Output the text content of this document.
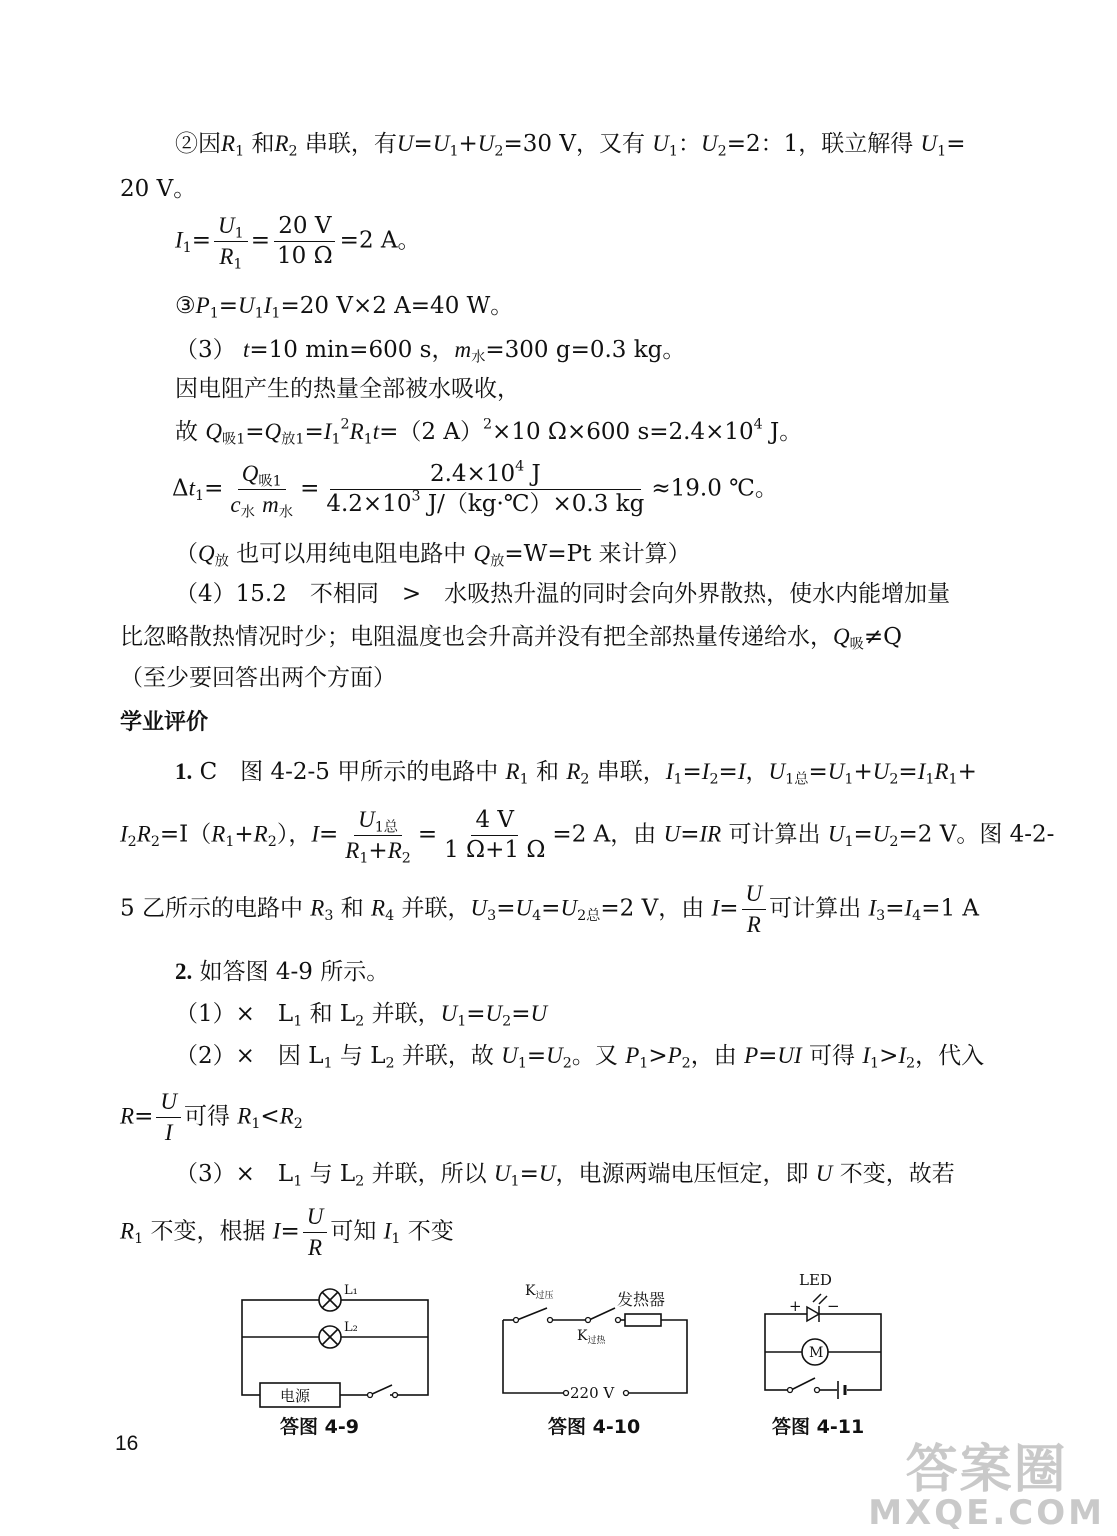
②因$R_1$ 和$R_2$ 串联，有$U=U_1+U_2=30$ V，又有 $U_1$：$U_2=2$：1，联立解得 $U_1=$
20 V。
$I_1= \frac{U_1}{R_1} = \frac{20 V}{10 \Omega} =2$ A。
$③P_1=U_1I_1=20$ V×2 A=40 W。
（3） t=10 min=600 s，$m_水=300$ g=0.3 kg。
因电阻产生的热量全部被水吸收，
故 $Q_{吸1}=Q_{放1}=I_1^2R_1t=(2$ A）$^2$×10 Ω×600 $s=2.4\times 10^4$ J。
$\Delta t_1= \frac{Q_{吸1}}{c_水 m_水} = \frac{2.4\times 10^4 J}{4.2\times 10^3 J/(kg\cdot℃)\times 0.3 kg} \approx 19.0$ ℃。
（$Q_放$ 也可以用纯电阻电路中 $Q_放=W=Pt$ 来计算）
（4）15.2　不相同　>　水吸热升温的同时会向外界散热，使水内能增加量
比忽略散热情况时少；电阻温度也会升高并没有把全部热量传递给水，$Q_吸\ne Q$
（至少要回答出两个方面）
学业评价
1. C　图 4-2-5 甲所示的电路中 $R_1$ 和 $R_2$ 串联，$I_1=I_2=I$，$U_{1总}=U_1+U_2=I_1R_1+$
$I_2R_2=I(R_1+R_2)$，$I= \frac{U_{1总}}{R_1+R_2} = \frac{4 V}{1 \Omega+1 \Omega} =2$ A，由 U=IR 可计算出 $U_1=U_2=2$ V。图 4-2-
5 乙所示的电路中 $R_3$ 和 $R_4$ 并联，$U_3=U_4=U_{2总}=2$ V，由 $I= \frac{U}{R}$ 可计算出 $I_3=I_4=1$ A
2. 如答图 4-9 所示。
（1）×　$L_1$ 和 $L_2$ 并联，$U_1=U_2=U$
（2）×　因 $L_1$ 与 $L_2$ 并联，故 $U_1=U_2$。又 $P_1>P_2$，由 P=UI 可得 $I_1>I_2$，代入
$R= \frac{U}{I}$ 可得 $R_1<R_2$
（3）×　$L_1$ 与 $L_2$ 并联，所以 $U_1=U$，电源两端电压恒定，即 U 不变，故若
$R_1$ 不变，根据 $I= \frac{U}{R}$ 可知 $I_1$ 不变
L₁
L₂
电源
答图 4-9
$K_{过压}$
$K_{过热}$
发热器
220 V
答图 4-10
LED
+ −
M
答图 4-11
16	答案圈
MXQE.COM
